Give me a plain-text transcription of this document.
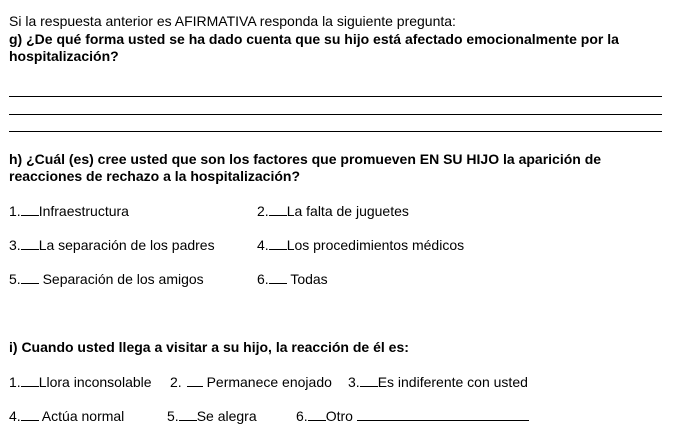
Si la respuesta anterior es AFIRMATIVA responda la siguiente pregunta:
g) ¿De qué forma usted se ha dado cuenta que su hijo está afectado emocionalmente por la
hospitalización?
h) ¿Cuál (es) cree usted que son los factores que promueven EN SU HIJO la aparición de
reacciones de rechazo a la hospitalización?
1. Infraestructura	2. La falta de juguetes
3. La separación de los padres	4. Los procedimientos médicos
5. Separación de los amigos	6. Todas
i) Cuando usted llega a visitar a su hijo, la reacción de él es:
1. Llora inconsolable 2. Permanece enojado 3. Es indiferente con usted
4. Actúa normal	5. Se alegra	6. Otro
